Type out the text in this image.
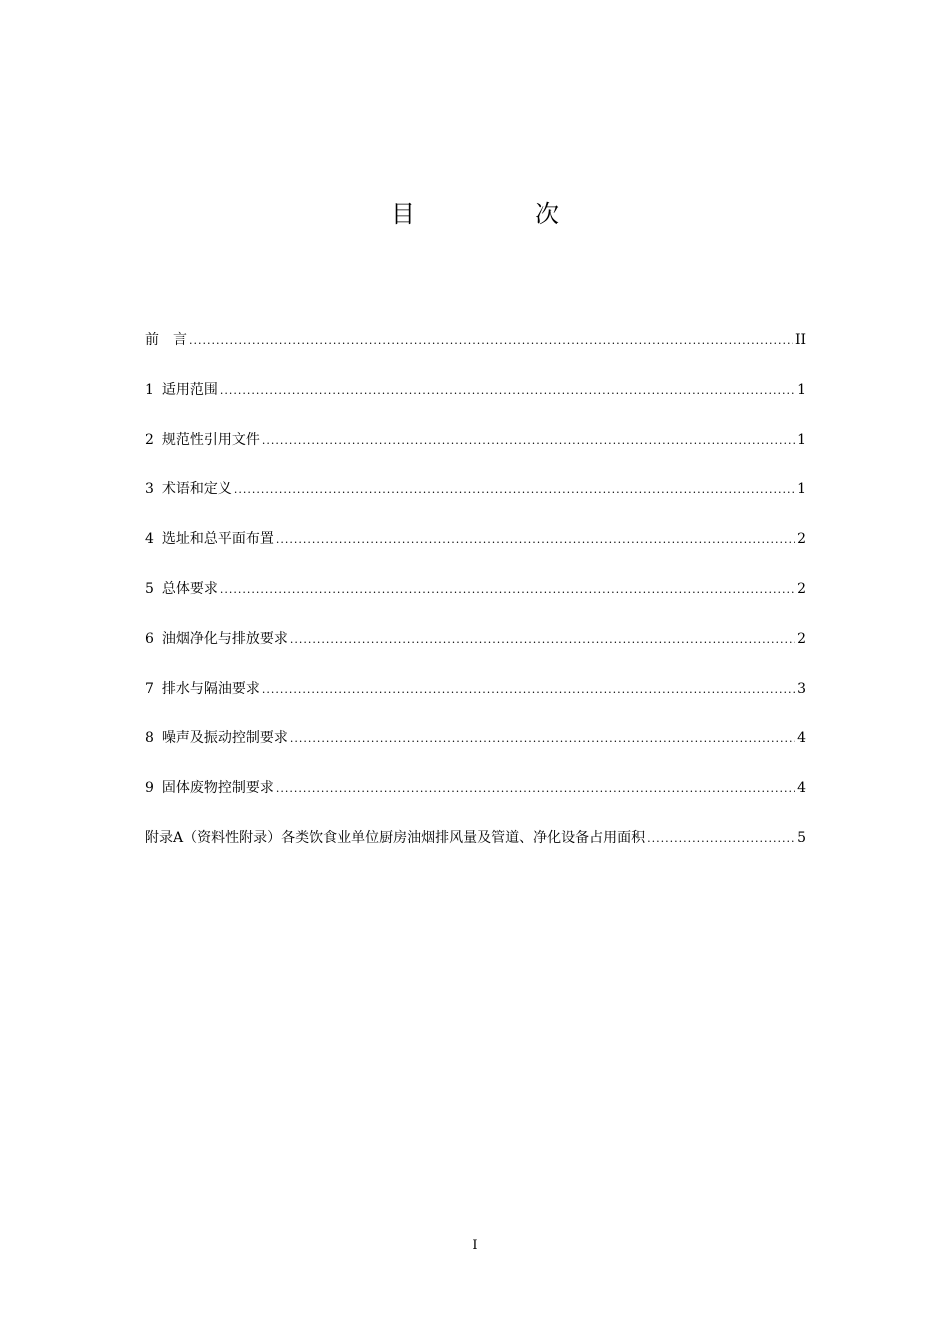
目　次
前　言 .....	II
1 适用范围 .....	1
2 规范性引用文件 .....	1
3 术语和定义 .....	1
4 选址和总平面布置 .....	2
5 总体要求 .....	2
6 油烟净化与排放要求 .....	2
7 排水与隔油要求 .....	3
8 噪声及振动控制要求 .....	4
9 固体废物控制要求 .....	4
附录A（资料性附录）各类饮食业单位厨房油烟排风量及管道、净化设备占用面积 .....	5
I
